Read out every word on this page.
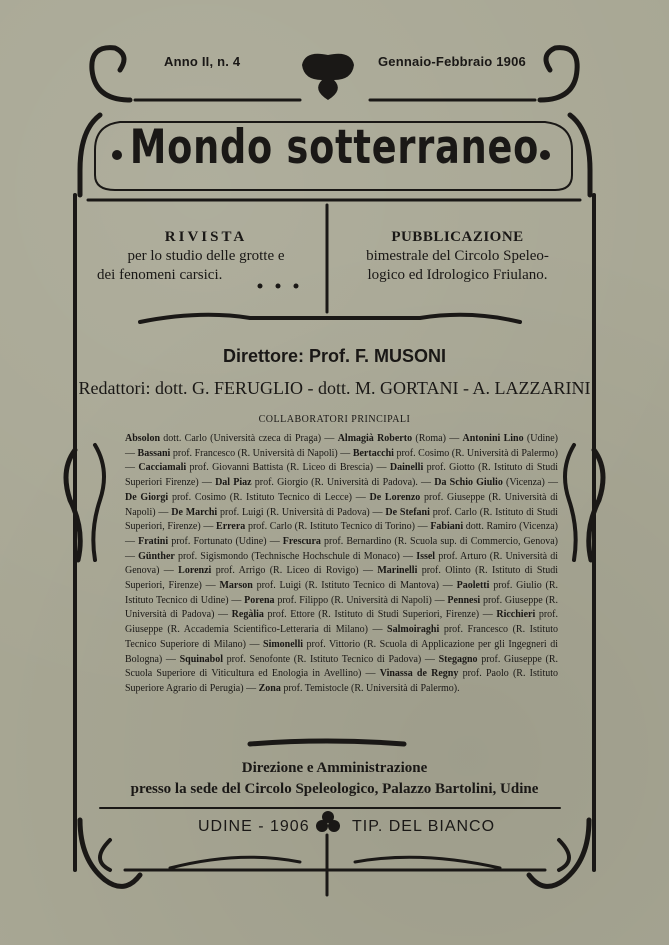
Anno II, n. 4	Gennaio-Febbraio 1906
Mondo sotterraneo
RIVISTA
per lo studio delle grotte e
dei fenomeni carsici.
PUBBLICAZIONE
bimestrale del Circolo Speleo-
logico ed Idrologico Friulano.
Direttore: Prof. F. MUSONI
Redattori: dott. G. FERUGLIO - dott. M. GORTANI - A. LAZZARINI
COLLABORATORI PRINCIPALI
Absolon dott. Carlo (Università czeca di Praga) — Almagià Roberto (Roma) — Antonini Lino (Udine) — Bassani prof. Francesco (R. Università di Napoli) — Bertacchi prof. Cosimo (R. Università di Palermo) — Cacciamali prof. Giovanni Battista (R. Liceo di Brescia) — Dainelli prof. Giotto (R. Istituto di Studi Superiori Firenze) — Dal Piaz prof. Giorgio (R. Università di Padova). — Da Schio Giulio (Vicenza) — De Giorgi prof. Cosimo (R. Istituto Tecnico di Lecce) — De Lorenzo prof. Giuseppe (R. Università di Napoli) — De Marchi prof. Luigi (R. Università di Padova) — De Stefani prof. Carlo (R. Istituto di Studi Superiori, Firenze) — Errera prof. Carlo (R. Istituto Tecnico di Torino) — Fabiani dott. Ramiro (Vicenza) — Fratini prof. Fortunato (Udine) — Frescura prof. Bernardino (R. Scuola sup. di Commercio, Genova) — Günther prof. Sigismondo (Technische Hochschule di Monaco) — Issel prof. Arturo (R. Università di Genova) — Lorenzi prof. Arrigo (R. Liceo di Rovigo) — Marinelli prof. Olinto (R. Istituto di Studi Superiori, Firenze) — Marson prof. Luigi (R. Istituto Tecnico di Mantova) — Paoletti prof. Giulio (R. Istituto Tecnico di Udine) — Porena prof. Filippo (R. Università di Napoli) — Pennesi prof. Giuseppe (R. Università di Padova) — Regàlia prof. Ettore (R. Istituto di Studi Superiori, Firenze) — Ricchieri prof. Giuseppe (R. Accademia Scientifico-Letteraria di Milano) — Salmoiraghi prof. Francesco (R. Istituto Tecnico Superiore di Milano) — Simonelli prof. Vittorio (R. Scuola di Applicazione per gli Ingegneri di Bologna) — Squinabol prof. Senofonte (R. Istituto Tecnico di Padova) — Stegagno prof. Giuseppe (R. Scuola Superiore di Viticultura ed Enologia in Avellino) — Vinassa de Regny prof. Paolo (R. Istituto Superiore Agrario di Perugia) — Zona prof. Temistocle (R. Università di Palermo).
Direzione e Amministrazione
presso la sede del Circolo Speleologico, Palazzo Bartolini, Udine
UDINE - 1906	TIP. DEL BIANCO
